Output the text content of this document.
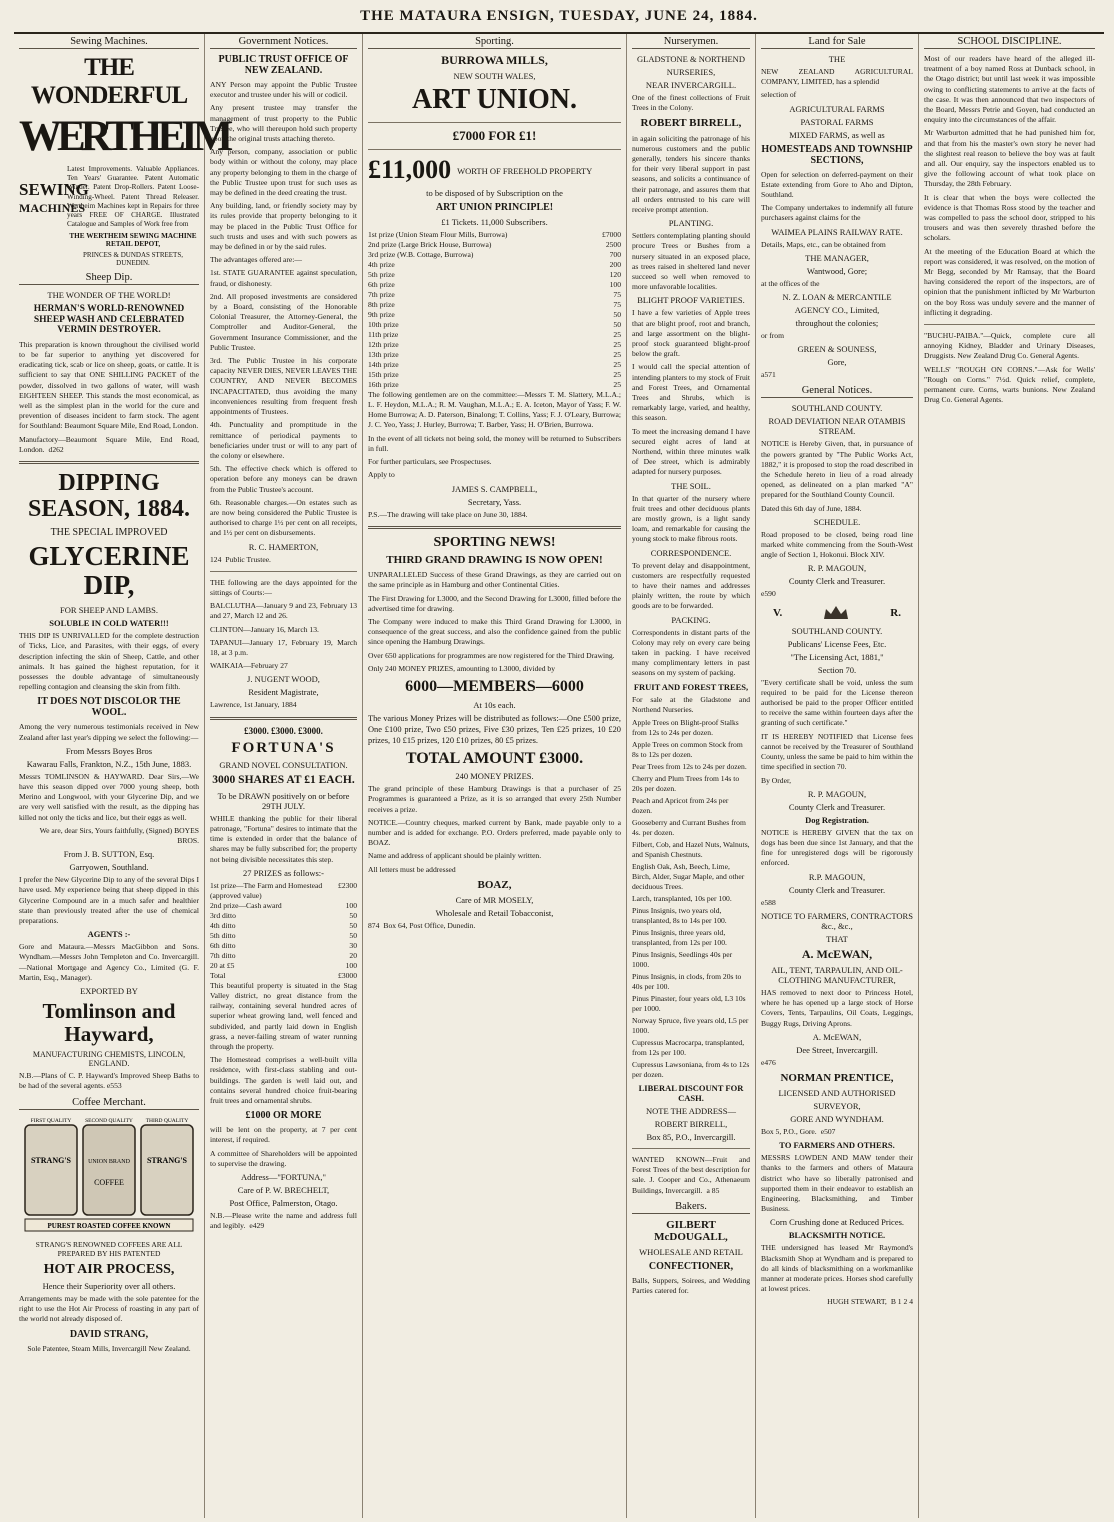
THE MATAURA ENSIGN, TUESDAY, JUNE 24, 1884.
Sewing Machines.
THE WONDERFUL
WERTHEIM
SEWING
MACHINES

Latest Improvements. Valuable Appliances. Ten Years' Guarantee. Patent Automatic Winder. Patent Drop-Rollers. Patent Loose-Winding-Wheel. Patent Thread Releaser. Wertheim Machines kept in Repairs for three years FREE OF CHARGE. Illustrated Catalogue and Samples of Work free from

THE WERTHEIM SEWING MACHINE RETAIL DEPOT,
PRINCES & DUNDAS STREETS, DUNEDIN.
Sheep Dip.
THE WONDER OF THE WORLD!
HERMAN'S WORLD-RENOWNED SHEEP WASH AND CELEBRATED VERMIN DESTROYER.

This preparation is known throughout the civilised world to be far superior to anything yet discovered for eradicating tick, scab or lice on sheep, goats, or cattle. It is sufficient to say that ONE SHILLING PACKET of the powder, dissolved in two gallons of water, will wash EIGHTEEN SHEEP. This stands the most economical, as well as the simplest plan in the world for the cure and prevention of diseases incident to farm stock. The agent for Southland: Beaumont Square Mile, End Road, London.

Manufactory—Beaumont Square Mile, End Road, London. d262

DIPPING SEASON, 1884.
THE SPECIAL IMPROVED
GLYCERINE DIP,
FOR SHEEP AND LAMBS.
SOLUBLE IN COLD WATER!!!

THIS DIP IS UNRIVALLED for the complete destruction of Ticks, Lice, and Parasites, with their eggs, of every description infecting the skin of Sheep, Cattle, and other animals. It has gained the highest reputation, for it possesses the double advantage of simultaneously repelling contagion and cleansing the skin from filth.

IT DOES NOT DISCOLOR THE WOOL.

Among the very numerous testimonials received in New Zealand after last year's dipping we select the following:—

From Messrs Boyes Bros
Kawarau Falls, Frankton, N.Z., 15th June, 1883.

Messrs TOMLINSON & HAYWARD. Dear Sirs,—We have this season dipped over 7000 young sheep, both Merino and Longwool, with your Glycerine Dip, and we are very well satisfied with the result, as the dipping has killed not only the ticks and lice, but their eggs as well.

We are, dear Sirs, Yours faithfully, (Signed) BOYES BROS.

From J. B. SUTTON, Esq.
Garryowen, Southland.

I prefer the New Glycerine Dip to any of the several Dips I have used. My experience being that sheep dipped in this Glycerine Compound are in a much safer and healthier state than previously treated after the use of chemical preparations.

AGENTS :-

Gore and Mataura.—Messrs MacGibbon and Sons. Wyndham.—Messrs John Templeton and Co. Invercargill.—National Mortgage and Agency Co., Limited (G. F. Martin, Esq., Manager).

EXPORTED BY
Tomlinson and Hayward,
MANUFACTURING CHEMISTS, LINCOLN, ENGLAND.

N.B.—Plans of C. P. Hayward's Improved Sheep Baths to be had of the several agents. e553

Coffee Merchant.
FIRST QUALITY SECOND QUALITY THIRD QUALITY
STRANG'S	UNION BRAND STRANG'S
COFFEE
PUREST ROASTED COFFEE KNOWN
STRANG'S RENOWNED COFFEES ARE ALL PREPARED BY HIS PATENTED
HOT AIR PROCESS,
Hence their Superiority over all others.

Arrangements may be made with the sole patentee for the right to use the Hot Air Process of roasting in any part of the world not already disposed of.

DAVID STRANG,
Sole Patentee, Steam Mills, Invercargill New Zealand.
Government Notices.
PUBLIC TRUST OFFICE OF NEW ZEALAND.

ANY Person may appoint the Public Trustee executor and trustee under his will or codicil.

Any present trustee may transfer the management of trust property to the Public Trustee, who will thereupon hold such property upon the original trusts attaching thereto.

Any person, company, association or public body within or without the colony, may place any property belonging to them in the charge of the Public Trustee upon trust for such uses as may be defined in the deed creating the trust.

Any building, land, or friendly society may by its rules provide that property belonging to it may be placed in the Public Trust Office for such trusts and uses and with such powers as may be defined in or by the said rules.

The advantages offered are:—

1st. STATE GUARANTEE against speculation, fraud, or dishonesty.

2nd. All proposed investments are considered by a Board, consisting of the Honorable Colonial Treasurer, the Attorney-General, the Comptroller and Auditor-General, the Government Insurance Commissioner, and the Public Trustee.

3rd. The Public Trustee in his corporate capacity NEVER DIES, NEVER LEAVES THE COUNTRY, AND NEVER BECOMES INCAPACITATED, thus avoiding the many inconveniences resulting from frequent fresh appointments of Trustees.

4th. Punctuality and promptitude in the remittance of periodical payments to beneficiaries under trust or will to any part of the colony or elsewhere.

5th. The effective check which is offered to operation before any moneys can be drawn from the Public Trustee's account.

6th. Reasonable charges.—On estates such as are now being considered the Public Trustee is authorised to charge 1½ per cent on all receipts, and 1½ per cent on disbursements.

R. C. HAMERTON,

124 Public Trustee.

THE following are the days appointed for the sittings of Courts:—

BALCLUTHA—January 9 and 23, February 13 and 27, March 12 and 26.

CLINTON—January 16, March 13.

TAPANUI—January 17, February 19, March 18, at 3 p.m.

WAIKAIA—February 27

J. NUGENT WOOD,
Resident Magistrate,

Lawrence, 1st January, 1884

£3000. £3000. £3000.
FORTUNA'S
GRAND NOVEL CONSULTATION.
3000 SHARES AT £1 EACH.
To be DRAWN positively on or before 29TH JULY.

WHILE thanking the public for their liberal patronage, "Fortuna" desires to intimate that the time is extended in order that the balance of shares may be fully subscribed for; the property not being divisible necessitates this step.

27 PRIZES as follows:-
1st prize—The Farm and Homestead (approved value)
£2300
2nd prize—Cash award	100
3rd ditto	50
4th ditto	50
5th ditto	50
6th ditto	30
7th ditto	20
20 at £5	100
Total	£3000

This beautiful property is situated in the Stag Valley district, no great distance from the railway, containing several hundred acres of superior wheat growing land, well fenced and subdivided, and partly laid down in English grass, a never-failing stream of water running through the property.

The Homestead comprises a well-built villa residence, with first-class stabling and out-buildings. The garden is well laid out, and contains several hundred choice fruit-bearing fruit trees and ornamental shrubs.

£1000 OR MORE

will be lent on the property, at 7 per cent interest, if required.

A committee of Shareholders will be appointed to supervise the drawing.

Address—"FORTUNA,"
Care of P. W. BRECHELT,
Post Office, Palmerston, Otago.

N.B.—Please write the name and address full and legibly. e429

Sporting.
BURROWA MILLS,
NEW SOUTH WALES,
ART UNION.
£7000 FOR £1!
£11,000 WORTH OF FREEHOLD PROPERTY
to be disposed of by Subscription on the
ART UNION PRINCIPLE!
£1 Tickets. 11,000 Subscribers.
1st prize (Union Steam Flour Mills, Burrowa)	£7000
2nd prize (Large Brick House, Burrowa)	2500
3rd prize (W.B. Cottage, Burrowa)	700
4th prize	200
5th prize	120
6th prize	100
7th prize	75
8th prize	75
9th prize	50
10th prize	50
11th prize	25
12th prize	25
13th prize	25
14th prize	25
15th prize	25
16th prize	25

The following gentlemen are on the committee:—Messrs T. M. Slattery, M.L.A.; L. F. Heydon, M.L.A.; R. M. Vaughan, M.L.A.; E. A. Iceton, Mayor of Yass; F. W. Home Burrowa; A. D. Paterson, Binalong; T. Collins, Yass; F. J. O'Leary, Burrowa; J. C. Yeo, Yass; J. Hurley, Burrowa; T. Barber, Yass; H. O'Brien, Burrowa.

In the event of all tickets not being sold, the money will be returned to Subscribers in full.

For further particulars, see Prospectuses.

Apply to

JAMES S. CAMPBELL,
Secretary, Yass.

P.S.—The drawing will take place on June 30, 1884.

SPORTING NEWS!
THIRD GRAND DRAWING IS NOW OPEN!

UNPARALLELED Success of these Grand Drawings, as they are carried out on the same principle as in Hamburg and other Continental Cities.

The First Drawing for L3000, and the Second Drawing for L3000, filled before the advertised time for drawing.

The Company were induced to make this Third Grand Drawing for L3000, in consequence of the great success, and also the confidence gained from the public since opening the Hamburg Drawings.

Over 650 applications for programmes are now registered for the Third Drawing.

Only 240 MONEY PRIZES, amounting to L3000, divided by

6000—MEMBERS—6000
At 10s each.

The various Money Prizes will be distributed as follows:—One £500 prize, One £100 prize, Two £50 prizes, Five £30 prizes, Ten £25 prizes, 10 £20 prizes, 10 £15 prizes, 120 £10 prizes, 80 £5 prizes.

TOTAL AMOUNT £3000.
240 MONEY PRIZES.

The grand principle of these Hamburg Drawings is that a purchaser of 25 Programmes is guaranteed a Prize, as it is so arranged that every 25th Number receives a prize.

NOTICE.—Country cheques, marked current by Bank, made payable only to a number and is added for exchange. P.O. Orders preferred, made payable only to BOAZ.

Name and address of applicant should be plainly written.

All letters must be addressed

BOAZ,
Care of MR MOSELY,
Wholesale and Retail Tobacconist,

874 Box 64, Post Office, Dunedin.

Nurserymen.
GLADSTONE & NORTHEND
NURSERIES,
NEAR INVERCARGILL.

One of the finest collections of Fruit Trees in the Colony.

ROBERT BIRRELL,

in again soliciting the patronage of his numerous customers and the public generally, tenders his sincere thanks for their very liberal support in past seasons, and solicits a continuance of their patronage, and assures them that all orders entrusted to his care will receive prompt attention.

PLANTING.

Settlers contemplating planting should procure Trees or Bushes from a nursery situated in an exposed place, as trees raised in sheltered land never succeed so well when removed to more unfavorable localities.

BLIGHT PROOF VARIETIES.

I have a few varieties of Apple trees that are blight proof, root and branch, and large assortment on the blight-proof stock guaranteed blight-proof below the graft.

I would call the special attention of intending planters to my stock of Fruit and Forest Trees, and Ornamental Trees and Shrubs, which is remarkably large, varied, and healthy, this season.

To meet the increasing demand I have secured eight acres of land at Northend, within three minutes walk of Dee street, which is admirably adapted for nursery purposes.

THE SOIL.

In that quarter of the nursery where fruit trees and other deciduous plants are mostly grown, is a light sandy loam, and remarkable for causing the young stock to make fibrous roots.

CORRESPONDENCE.

To prevent delay and disappointment, customers are respectfully requested to have their names and addresses plainly written, the route by which goods are to be forwarded.

PACKING.

Correspondents in distant parts of the Colony may rely on every care being taken in packing. I have received many complimentary letters in past seasons on my system of packing.

FRUIT AND FOREST TREES,

For sale at the Gladstone and Northend Nurseries.

Apple Trees on Blight-proof Stalks from 12s to 24s per dozen.
Apple Trees on common Stock from 8s to 12s per dozen.
Pear Trees from 12s to 24s per dozen.
Cherry and Plum Trees from 14s to 20s per dozen.
Peach and Apricot from 24s per dozen.
Gooseberry and Currant Bushes from 4s. per dozen.
Filbert, Cob, and Hazel Nuts, Walnuts, and Spanish Chestnuts.
English Oak, Ash, Beech, Lime, Birch, Alder, Sugar Maple, and other deciduous Trees.
Larch, transplanted, 10s per 100.
Pinus Insignis, two years old, transplanted, 8s to 14s per 100.
Pinus Insignis, three years old, transplanted, from 12s per 100.
Pinus Insignis, Seedlings 40s per 1000.
Pinus Insignis, in clods, from 20s to 40s per 100.
Pinus Pinaster, four years old, L3 10s per 1000.
Norway Spruce, five years old, L5 per 1000.
Cupressus Macrocarpa, transplanted, from 12s per 100.
Cupressus Lawsoniana, from 4s to 12s per dozen.
LIBERAL DISCOUNT FOR CASH.
NOTE THE ADDRESS—
ROBERT BIRRELL,
Box 85, P.O., Invercargill.

WANTED KNOWN—Fruit and Forest Trees of the best description for sale. J. Cooper and Co., Athenaeum Buildings, Invercargill. a 85

Bakers.
GILBERT McDOUGALL,
WHOLESALE AND RETAIL
CONFECTIONER,

Balls, Suppers, Soirees, and Wedding Parties catered for.

Land for Sale
THE

NEW ZEALAND AGRICULTURAL COMPANY, LIMITED, has a splendid

selection of

AGRICULTURAL FARMS
PASTORAL FARMS
MIXED FARMS, as well as
HOMESTEADS AND TOWNSHIP SECTIONS,

Open for selection on deferred-payment on their Estate extending from Gore to Aho and Dipton, Southland.

The Company undertakes to indemnify all future purchasers against claims for the

WAIMEA PLAINS RAILWAY RATE.

Details, Maps, etc., can be obtained from

THE MANAGER,
Wantwood, Gore;

at the offices of the

N. Z. LOAN & MERCANTILE
AGENCY CO., Limited,
throughout the colonies;

or from

GREEN & SOUNESS,
Gore,

a571

General Notices.
SOUTHLAND COUNTY.
ROAD DEVIATION NEAR OTAMBIS STREAM.

NOTICE is Hereby Given, that, in pursuance of the powers granted by "The Public Works Act, 1882," it is proposed to stop the road described in the Schedule hereto in lieu of a road already opened, as delineated on a plan marked "A" prepared for the Southland County Council.

Dated this 6th day of June, 1884.

SCHEDULE.

Road proposed to be closed, being road line marked white commencing from the South-West angle of Section 1, Hokonui. Block XIV.

R. P. MAGOUN,
County Clerk and Treasurer.

e590

V.	R.
SOUTHLAND COUNTY.
Publicans' License Fees, Etc.
"The Licensing Act, 1881,"
Section 70.

"Every certificate shall be void, unless the sum required to be paid for the License thereon authorised be paid to the proper Officer entitled to receive the same within fourteen days after the granting of such certificate."

IT IS HEREBY NOTIFIED that License fees cannot be received by the Treasurer of Southland County, unless the same be paid to him within the time specified in section 70.

By Order,

R. P. MAGOUN,
County Clerk and Treasurer.
Dog Registration.

NOTICE is HEREBY GIVEN that the tax on dogs has been due since 1st January, and that the fine for unregistered dogs will be rigorously enforced.

R.P. MAGOUN,
County Clerk and Treasurer.

e588

NOTICE TO FARMERS, CONTRACTORS &c., &c.,
THAT
A. McEWAN,
AIL, TENT, TARPAULIN, AND OIL-CLOTHING MANUFACTURER,

HAS removed to next door to Princess Hotel, where he has opened up a large stock of Horse Covers, Tents, Tarpaulins, Oil Coats, Leggings, Buggy Rugs, Driving Aprons.

A. McEWAN,
Dee Street, Invercargill.

e476

NORMAN PRENTICE,
LICENSED AND AUTHORISED
SURVEYOR,
GORE AND WYNDHAM.

Box 5, P.O., Gore. e507

TO FARMERS AND OTHERS.

MESSRS LOWDEN AND MAW tender their thanks to the farmers and others of Mataura district who have so liberally patronised and supported them in their endeavor to establish an Engineering, Blacksmithing, and Timber Business.

Corn Crushing done at Reduced Prices.
BLACKSMITH NOTICE.

THE undersigned has leased Mr Raymond's Blacksmith Shop at Wyndham and is prepared to do all kinds of blacksmithing on a workmanlike manner at moderate prices. Horses shod carefully at lowest prices.

HUGH STEWART, B 1 2 4

SCHOOL DISCIPLINE.

Most of our readers have heard of the alleged ill-treatment of a boy named Ross at Dunback school, in the Otago district; but until last week it was impossible owing to conflicting statements to arrive at the facts of the case. It was then announced that two inspectors of the Board, Messrs Petrie and Goyen, had conducted an enquiry into the circumstances of the affair.

Mr Warburton admitted that he had punished him for, and that from his the master's own story he never had the slightest real reason to believe the boy was at fault and all. Our enquiry, say the inspectors enabled us to give the following account of what took place on Thursday, the 28th February.

It is clear that when the boys were collected the evidence is that Thomas Ross stood by the teacher and was compelled to pass the school door, stripped to his trousers and was then severely thrashed before the scholars.

At the meeting of the Education Board at which the report was considered, it was resolved, on the motion of Mr Begg, seconded by Mr Ramsay, that the Board having considered the report of the inspectors, are of opinion that the punishment inflicted by Mr Warburton on the boy Ross was unduly severe and the manner of inflicting it degrading.

"BUCHU-PAIBA."—Quick, complete cure all annoying Kidney, Bladder and Urinary Diseases, Druggists. New Zealand Drug Co. General Agents.

WELLS' "ROUGH ON CORNS."—Ask for Wells' "Rough on Corns." 7½d. Quick relief, complete, permanent cure. Corns, warts bunions. New Zealand Drug Co. General Agents.
